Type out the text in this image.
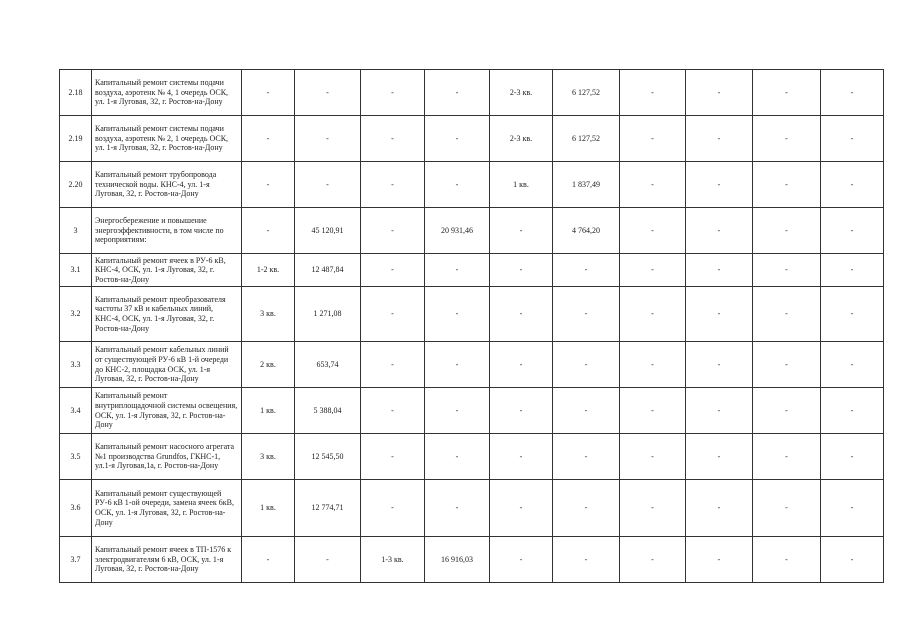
2.18	Капитальный ремонт системы подачи воздуха, аэротенк № 4, 1 очередь ОСК, ул. 1-я Луговая, 32, г. Ростов-на-Дону	-	-	-	-	2-3 кв.	6 127,52	-	-	-	-
2.19	Капитальный ремонт системы подачи воздуха, аэротенк № 2, 1 очередь ОСК, ул. 1-я Луговая, 32, г. Ростов-на-Дону	-	-	-	-	2-3 кв.	6 127,52	-	-	-	-
2.20	Капитальный ремонт трубопровода технической воды. КНС-4, ул. 1-я Луговая, 32, г. Ростов-на-Дону	-	-	-	-	1 кв.	1 837,49	-	-	-	-
3	Энергосбережение и повышение энергоэффективности, в том числе по мероприятиям:	-	45 120,91	-	20 931,46	-	4 764,20	-	-	-	-
3.1	Капитальный ремонт ячеек в РУ-6 кВ, КНС-4, ОСК, ул. 1-я Луговая, 32, г. Ростов-на-Дону	1-2 кв.	12 487,84	-	-	-	-	-	-	-	-
3.2	Капитальный ремонт преобразователя частоты 37 кВ и кабельных линий, КНС-4, ОСК, ул. 1-я Луговая, 32, г. Ростов-на-Дону	3 кв.	1 271,08	-	-	-	-	-	-	-	-
3.3	Капитальный ремонт кабельных линий от существующей РУ-6 кВ 1-й очереди до КНС-2, площадка ОСК, ул. 1-я Луговая, 32, г. Ростов-на-Дону	2 кв.	653,74	-	-	-	-	-	-	-	-
3.4	Капитальный ремонт внутриплощадочной системы освещения, ОСК, ул. 1-я Луговая, 32, г. Ростов-на-Дону	1 кв.	5 388,04	-	-	-	-	-	-	-	-
3.5	Капитальный ремонт насосного агрегата №1 производства Grundfos, ГКНС-1, ул.1-я Луговая,1а, г. Ростов-на-Дону	3 кв.	12 545,50	-	-	-	-	-	-	-	-
3.6	Капитальный ремонт существующей РУ-6 кВ 1-ой очереди, замена ячеек 6кВ, ОСК, ул. 1-я Луговая, 32, г. Ростов-на-Дону	1 кв.	12 774,71	-	-	-	-	-	-	-	-
3.7	Капитальный ремонт ячеек в ТП-1576 к электродвигателям 6 кВ, ОСК, ул. 1-я Луговая, 32, г. Ростов-на-Дону	-	-	1-3 кв.	16 916,03	-	-	-	-	-	-
